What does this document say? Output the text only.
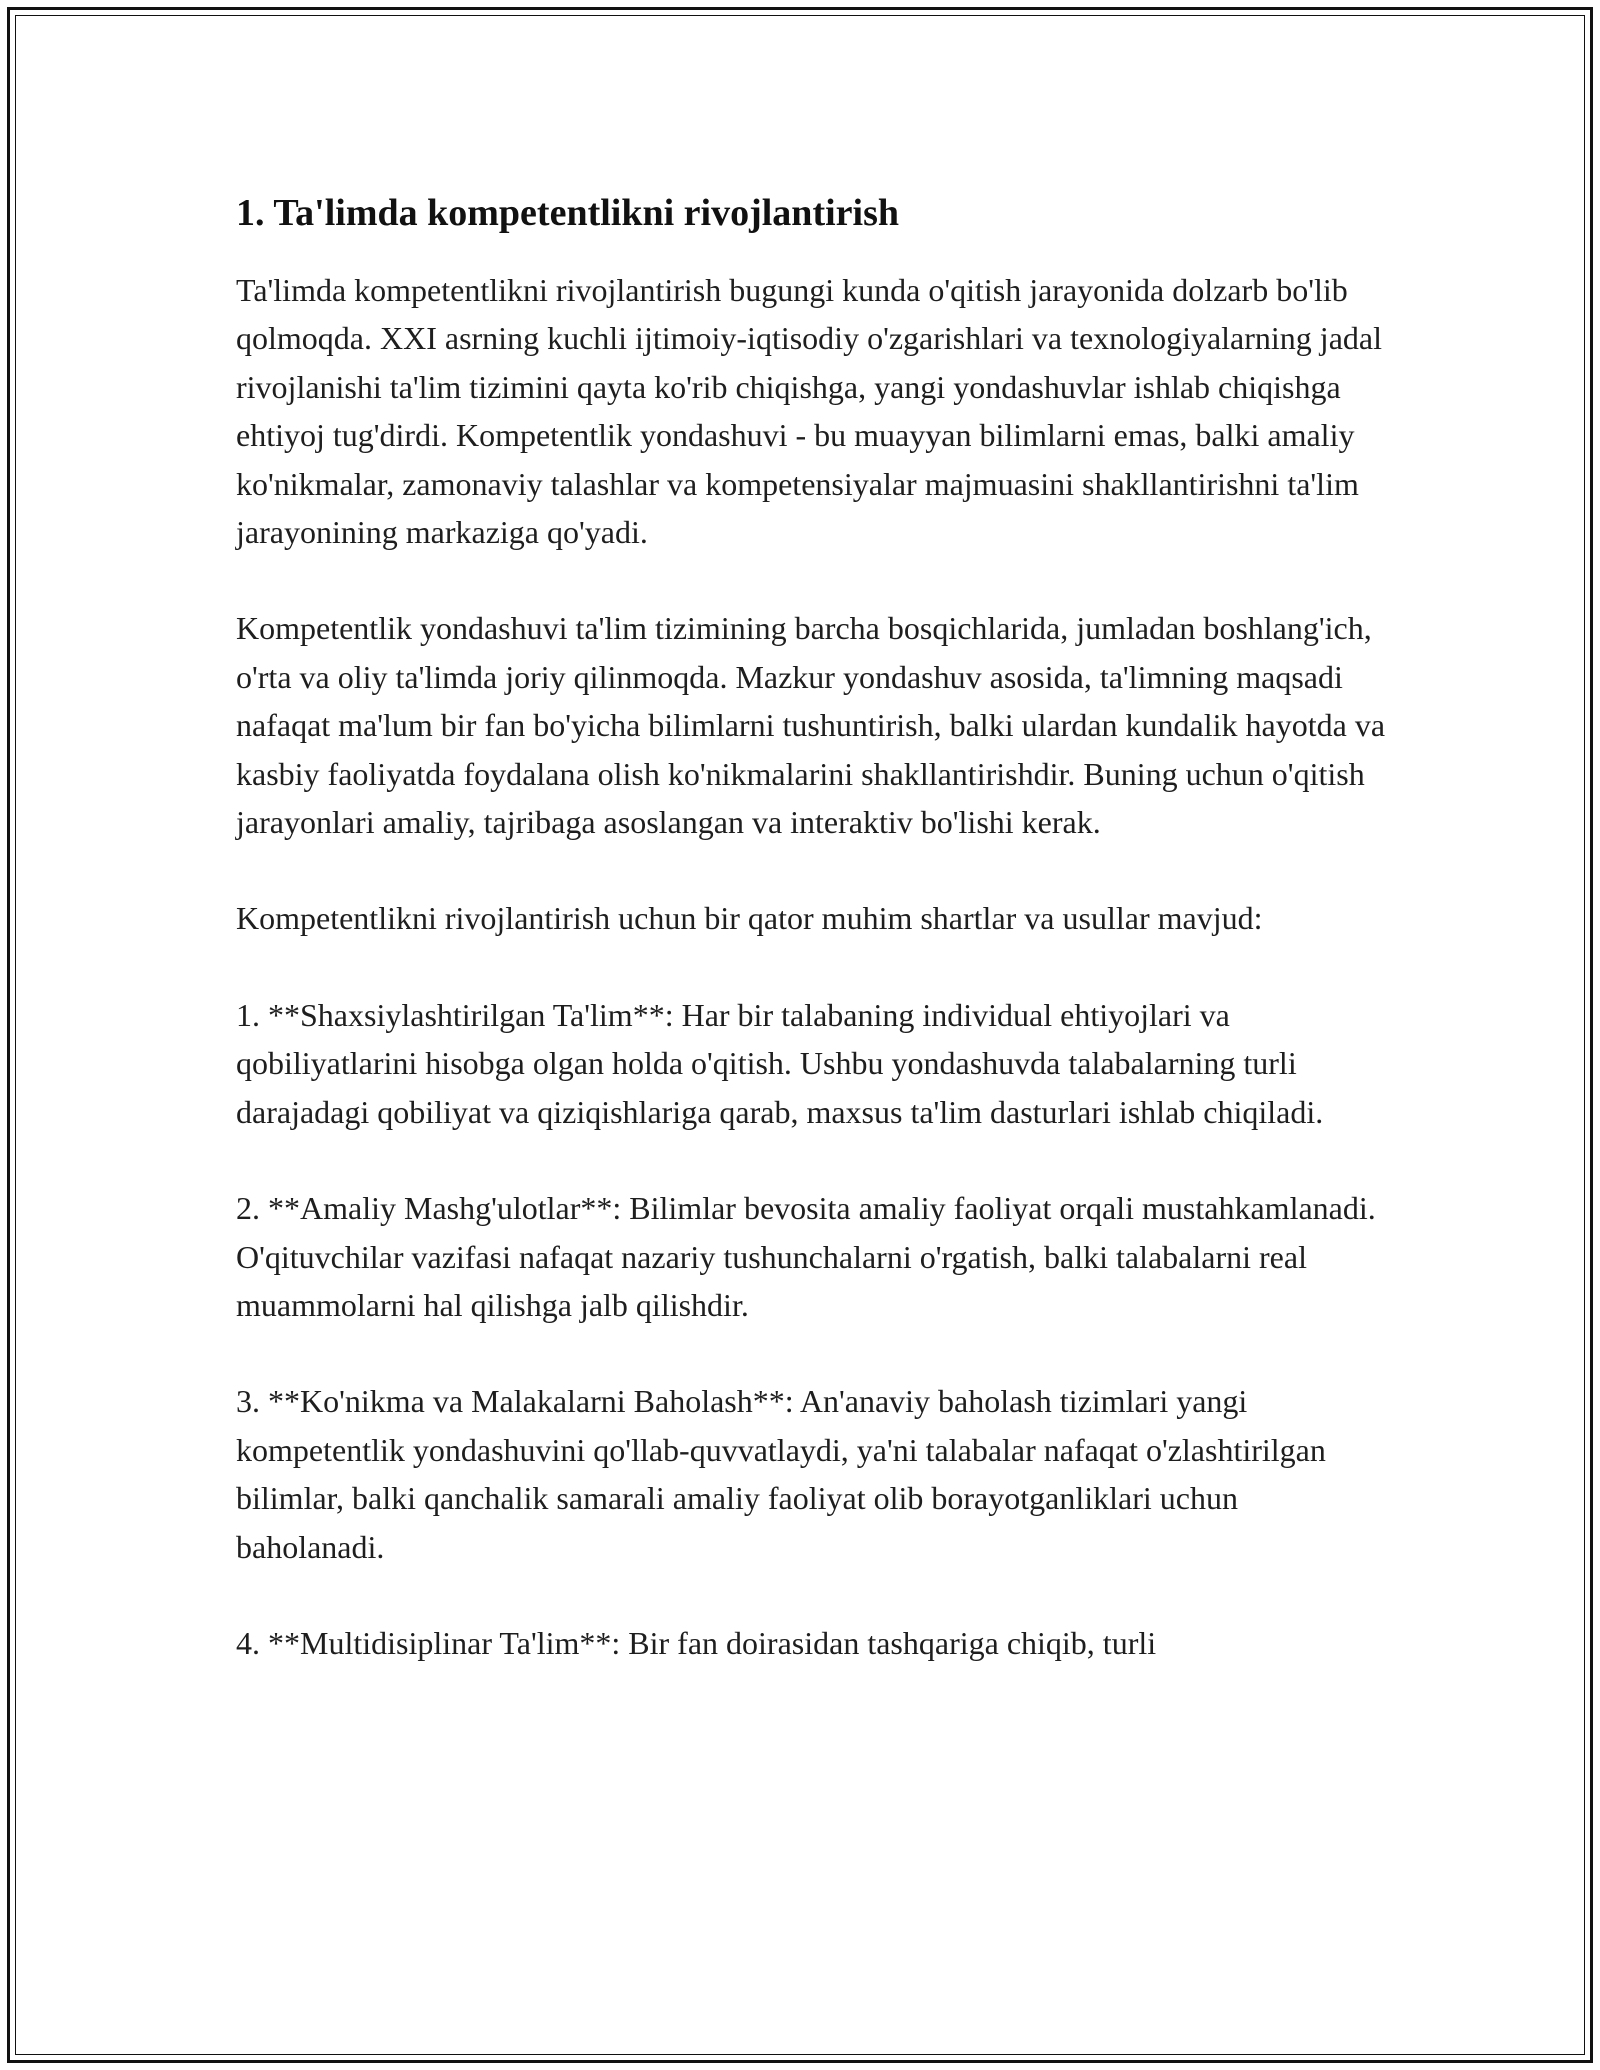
1. Ta'limda kompetentlikni rivojlantirish

Ta'limda kompetentlikni rivojlantirish bugungi kunda o'qitish jarayonida dolzarb bo'lib qolmoqda. XXI asrning kuchli ijtimoiy-iqtisodiy o'zgarishlari va texnologiyalarning jadal rivojlanishi ta'lim tizimini qayta ko'rib chiqishga, yangi yondashuvlar ishlab chiqishga ehtiyoj tug'dirdi. Kompetentlik yondashuvi - bu muayyan bilimlarni emas, balki amaliy ko'nikmalar, zamonaviy talashlar va kompetensiyalar majmuasini shakllantirishni ta'lim jarayonining markaziga qo'yadi.

Kompetentlik yondashuvi ta'lim tizimining barcha bosqichlarida, jumladan boshlang'ich, o'rta va oliy ta'limda joriy qilinmoqda. Mazkur yondashuv asosida, ta'limning maqsadi nafaqat ma'lum bir fan bo'yicha bilimlarni tushuntirish, balki ulardan kundalik hayotda va kasbiy faoliyatda foydalana olish ko'nikmalarini shakllantirishdir. Buning uchun o'qitish jarayonlari amaliy, tajribaga asoslangan va interaktiv bo'lishi kerak.

Kompetentlikni rivojlantirish uchun bir qator muhim shartlar va usullar mavjud:

1. **Shaxsiylashtirilgan Ta'lim**: Har bir talabaning individual ehtiyojlari va qobiliyatlarini hisobga olgan holda o'qitish. Ushbu yondashuvda talabalarning turli darajadagi qobiliyat va qiziqishlariga qarab, maxsus ta'lim dasturlari ishlab chiqiladi.

2. **Amaliy Mashg'ulotlar**: Bilimlar bevosita amaliy faoliyat orqali mustahkamlanadi. O'qituvchilar vazifasi nafaqat nazariy tushunchalarni o'rgatish, balki talabalarni real muammolarni hal qilishga jalb qilishdir.

3. **Ko'nikma va Malakalarni Baholash**: An'anaviy baholash tizimlari yangi kompetentlik yondashuvini qo'llab-quvvatlaydi, ya'ni talabalar nafaqat o'zlashtirilgan bilimlar, balki qanchalik samarali amaliy faoliyat olib borayotganliklari uchun baholanadi.

4. **Multidisiplinar Ta'lim**: Bir fan doirasidan tashqariga chiqib, turli
